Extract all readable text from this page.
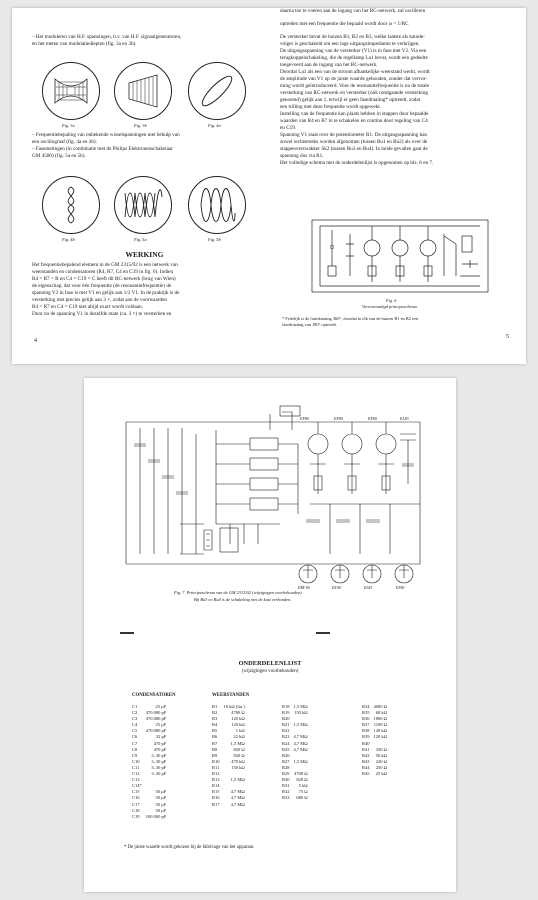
– Het moduleren van H.F. spanningen, b.v. van H.F. signaalgeneratoren,
en het meten van modulatiediepten (fig. 3a en 3b).
Fig. 3a	Fig. 3b	Fig. 4a
– Frequentiebepaling van onbekende wisselspanningen met behulp van
een oscillograaf (fig. 4a en 4b).
– Fasemetingen (in combinatie met de Philips Elektronenschakelaar
GM 4580) (fig. 5a en 5b).
Fig. 4b	Fig. 5a	Fig. 5b
WERKING
Het frequentiebepalend element in de GM 2315/02 is een netwerk van
weerstanden en condensatoren (R4, R7, C4 en C19 in fig. 6). Indien
R4 = R7 = R en C4 = C19 = C heeft dit RC-netwerk (brug van Wien)
de eigenschap, dat voor één frequentie (de resonantiefrequentie) de
spanning V2 in fase is met V1 en gelijk aan 1/3 V1. In de praktijk is de
versterking niet precies gelijk aan 3 ×, zodat aan de voorwaarden
R4 = R7 en C4 = C19 niet altijd exact wordt voldaan.
Door nu de spanning V1 in dezelfde mate (ca. 3 ×) te versterken en
4
daarna toe te voeren aan de ingang van het RC-netwerk, zal oscilleren
optreden met een frequentie die bepaald wordt door ω = 1/RC
De versterker bevat de buizen B1, B2 en B3, welke laatste als katode-
volger is geschakeld om een lage uitgangsimpedantie te verkrijgen.
De uitgangsspanning van de versterker (V1) is in fase met V2. Via een
terugkoppelschakeling, die de regellamp La1 bevat, wordt een gedeelte
toegevoerd aan de ingang van het RC-netwerk.
Doordat La1 als een van de stroom afhankelijke weerstand werkt, wordt
de amplitude van V1 op de juiste waarde gehouden, zonder dat vervor-
ming wordt geïntroduceerd. Voor de resonantiefrequentie is nu de totale
versterking van RC-netwerk en versterker (ook rondgaande versterking
genoemd) gelijk aan 1, terwijl er geen fasedraaiing* optreedt, zodat
een trilling met deze frequentie wordt opgewekt.
Instelling van de frequentie kan plaats hebben in stappen door bepaalde
waarden van R4 en R7 in te schakelen en continu door regeling van C4
en C19.
Spanning V1 staat over de potentiometer R1. De uitgangsspanning kan
zowel rechtstreeks worden afgenomen (tussen Bu1 en Bu2) als over de
stappenverzwakker Sk2 (tussen Bu3 en Bu4). In beide gevallen gaat de
spanning dus via R1.
Het volledige schema met de onderdelenlijst is opgenomen op blz. 6 en 7.
Fig. 6
Vereenvoudigd principeschema
* Feitelijk is de fasedraaiing 360°, doordat in elk van de buizen B1 en B2 een
fasedraaiing van 180° optreedt.
5
EF80	EF80	EF80	EL83
EBF 80	EZ 80	EL83	EF80
Fig. 7. Principeschema van de GM 2315/02 (wijzigingen voorbehouden).
Bij Bu3 en Bu4 is de schakeling met de kast verbonden.
ONDERDELENLIJST
(wijzigingen voorbehouden)
CONDENSATOREN	WEERSTANDEN
C1	25 µF
C2	470.000 pF
C3	470.000 pF
C4	25 µF
C5	470.000 pF
C6	32 pF
C7	470 pF
C8	470 pF
C9	3–30 pF
C10	3–30 pF
C11	3–30 pF
C12	3–30 pF
C13	
C14*	
C15	50 µF
C16	50 µF
C17	50 µF
C18	50 µF
C19	100.000 pF
R1	10 kΩ (lin.)
R2	4700 Ω
R3	120 kΩ
R4	120 kΩ
R5	1 kΩ
R6	22 kΩ
R7	1,5 MΩ
R8	820 Ω
R9	820 Ω
R10	470 kΩ
R11	150 kΩ
R12	
R13	1,5 MΩ
R14	
R15	4,7 MΩ
R16	4,7 MΩ
R17	4,7 MΩ
R18	1,5 MΩ
R19	150 kΩ
R20	
R21	1,5 MΩ
R22	
R23	4,7 MΩ
R24	4,7 MΩ
R25	4,7 MΩ
R26	
R27	1,5 MΩ
R28	
R29	4700 Ω
R30	820 Ω
R31	5 kΩ
R32	75 Ω
R33	680 Ω
R34	4000 Ω
R35	68 kΩ
R36	1800 Ω
R37	1100 Ω
R38	120 kΩ
R39	120 kΩ
R40	
R41	330 Ω
R42	56 kΩ
R43	220 Ω
R44	250 Ω
R45	25 kΩ
* De juiste waarde wordt gekozen bij de fabricage van het apparaat.
